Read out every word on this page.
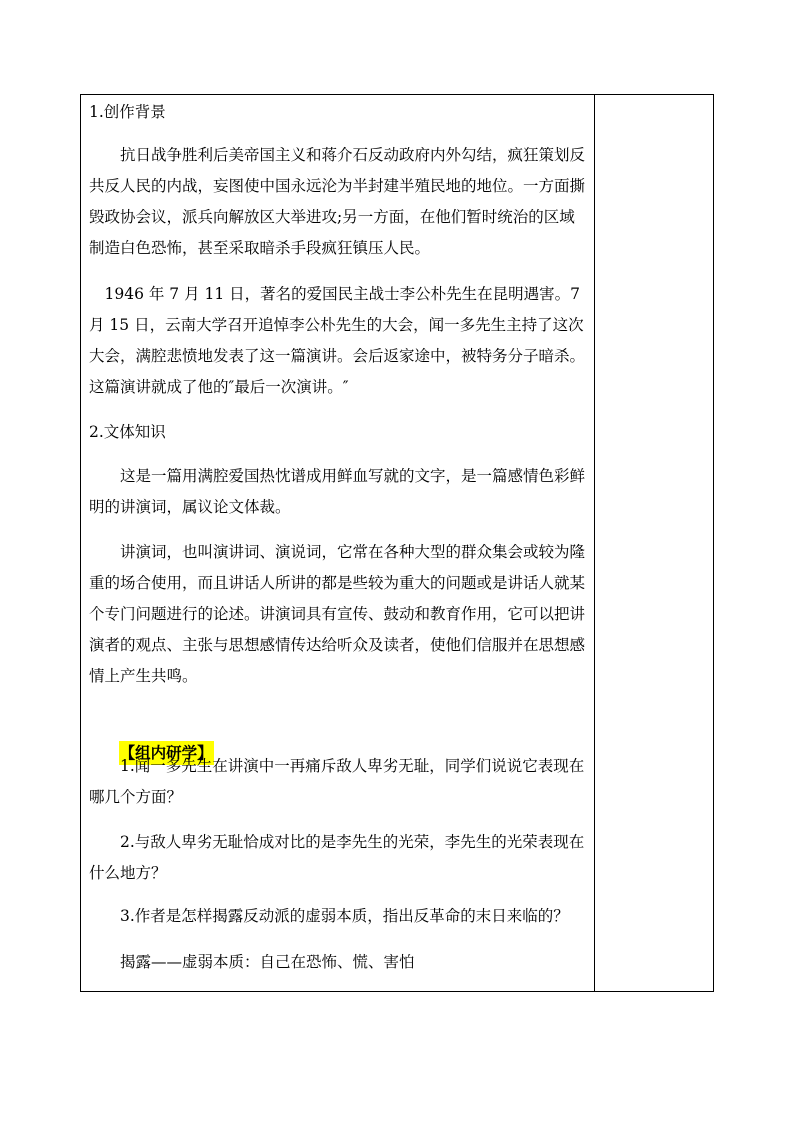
1.创作背景

抗日战争胜利后美帝国主义和蒋介石反动政府内外勾结，疯狂策划反共反人民的内战，妄图使中国永远沦为半封建半殖民地的地位。一方面撕毁政协会议，派兵向解放区大举进攻;另一方面，在他们暂时统治的区域制造白色恐怖，甚至采取暗杀手段疯狂镇压人民。

1946 年 7 月 11 日，著名的爱国民主战士李公朴先生在昆明遇害。7 月 15 日，云南大学召开追悼李公朴先生的大会，闻一多先生主持了这次大会，满腔悲愤地发表了这一篇演讲。会后返家途中，被特务分子暗杀。这篇演讲就成了他的″最后一次演讲。″

2.文体知识

这是一篇用满腔爱国热忱谱成用鲜血写就的文字，是一篇感情色彩鲜明的讲演词，属议论文体裁。

讲演词，也叫演讲词、演说词，它常在各种大型的群众集会或较为隆重的场合使用，而且讲话人所讲的都是些较为重大的问题或是讲话人就某个专门问题进行的论述。讲演词具有宣传、鼓动和教育作用，它可以把讲演者的观点、主张与思想感情传达给听众及读者，使他们信服并在思想感情上产生共鸣。

【组内研学】

1.闻一多先生在讲演中一再痛斥敌人卑劣无耻，同学们说说它表现在哪几个方面？

2.与敌人卑劣无耻恰成对比的是李先生的光荣，李先生的光荣表现在什么地方？

3.作者是怎样揭露反动派的虚弱本质，指出反革命的末日来临的？

揭露——虚弱本质：自己在恐怖、慌、害怕
